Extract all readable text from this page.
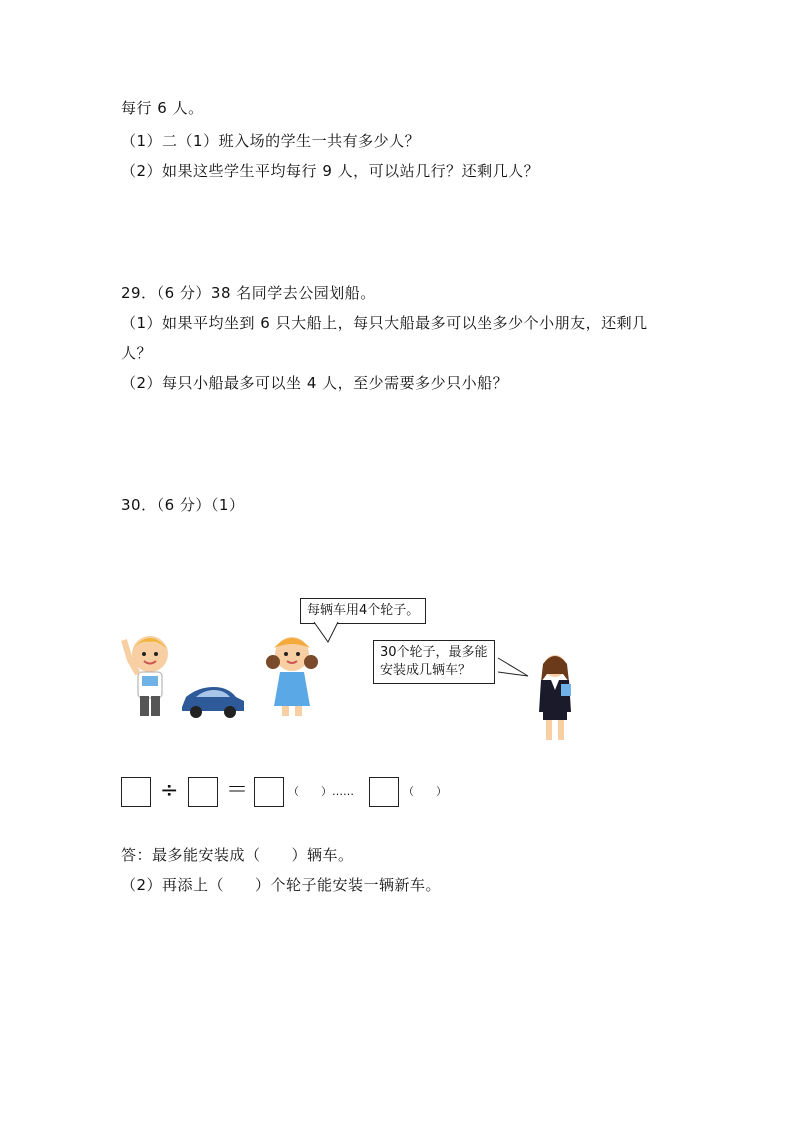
每行 6 人。
（1）二（1）班入场的学生一共有多少人？
（2）如果这些学生平均每行 9 人，可以站几行？还剩几人？
29．（6 分）38 名同学去公园划船。
（1）如果平均坐到 6 只大船上，每只大船最多可以坐多少个小朋友，还剩几
人？
（2）每只小船最多可以坐 4 人，至少需要多少只小船？
30．（6 分）（1）
每辆车用4个轮子。
30个轮子，最多能
安装成几辆车？
÷ ＝	（　　）……	（　　）
答：最多能安装成（　　）辆车。
（2）再添上（　　）个轮子能安装一辆新车。
